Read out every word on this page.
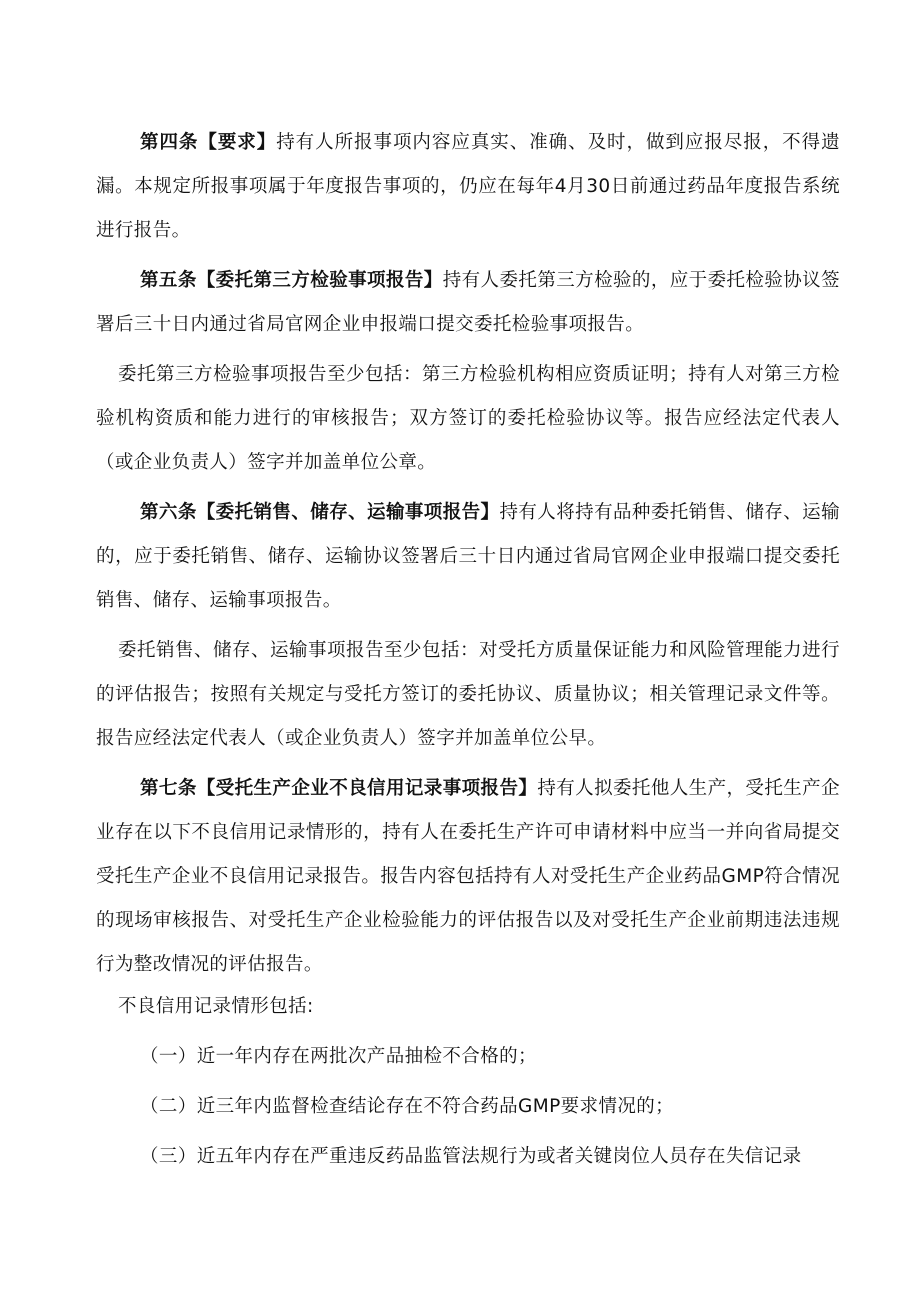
第四条【要求】持有人所报事项内容应真实、准确、及时，做到应报尽报，不得遗漏。本规定所报事项属于年度报告事项的，仍应在每年4月30日前通过药品年度报告系统进行报告。

第五条【委托第三方检验事项报告】持有人委托第三方检验的，应于委托检验协议签署后三十日内通过省局官网企业申报端口提交委托检验事项报告。

委托第三方检验事项报告至少包括：第三方检验机构相应资质证明；持有人对第三方检验机构资质和能力进行的审核报告；双方签订的委托检验协议等。报告应经法定代表人（或企业负责人）签字并加盖单位公章。

第六条【委托销售、储存、运输事项报告】持有人将持有品种委托销售、储存、运输的，应于委托销售、储存、运输协议签署后三十日内通过省局官网企业申报端口提交委托销售、储存、运输事项报告。

委托销售、储存、运输事项报告至少包括：对受托方质量保证能力和风险管理能力进行的评估报告；按照有关规定与受托方签订的委托协议、质量协议；相关管理记录文件等。报告应经法定代表人（或企业负责人）签字并加盖单位公早。

第七条【受托生产企业不良信用记录事项报告】持有人拟委托他人生产，受托生产企业存在以下不良信用记录情形的，持有人在委托生产许可申请材料中应当一并向省局提交受托生产企业不良信用记录报告。报告内容包括持有人对受托生产企业药品GMP符合情况的现场审核报告、对受托生产企业检验能力的评估报告以及对受托生产企业前期违法违规行为整改情况的评估报告。

不良信用记录情形包括:

（一）近一年内存在两批次产品抽检不合格的；

（二）近三年内监督检查结论存在不符合药品GMP要求情况的；

（三）近五年内存在严重违反药品监管法规行为或者关键岗位人员存在失信记录
